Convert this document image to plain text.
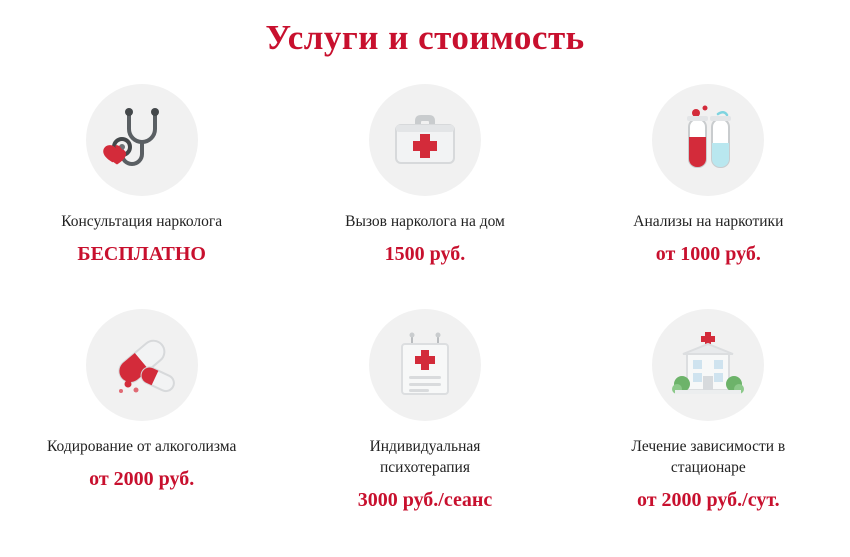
Услуги и стоимость
Консультация нарколога
БЕСПЛАТНО
Вызов нарколога на дом
1500 руб.
Анализы на наркотики
от 1000 руб.
Кодирование от алкоголизма
от 2000 руб.
Индивидуальная психотерапия
3000 руб./сеанс
Лечение зависимости в стационаре
от 2000 руб./сут.
